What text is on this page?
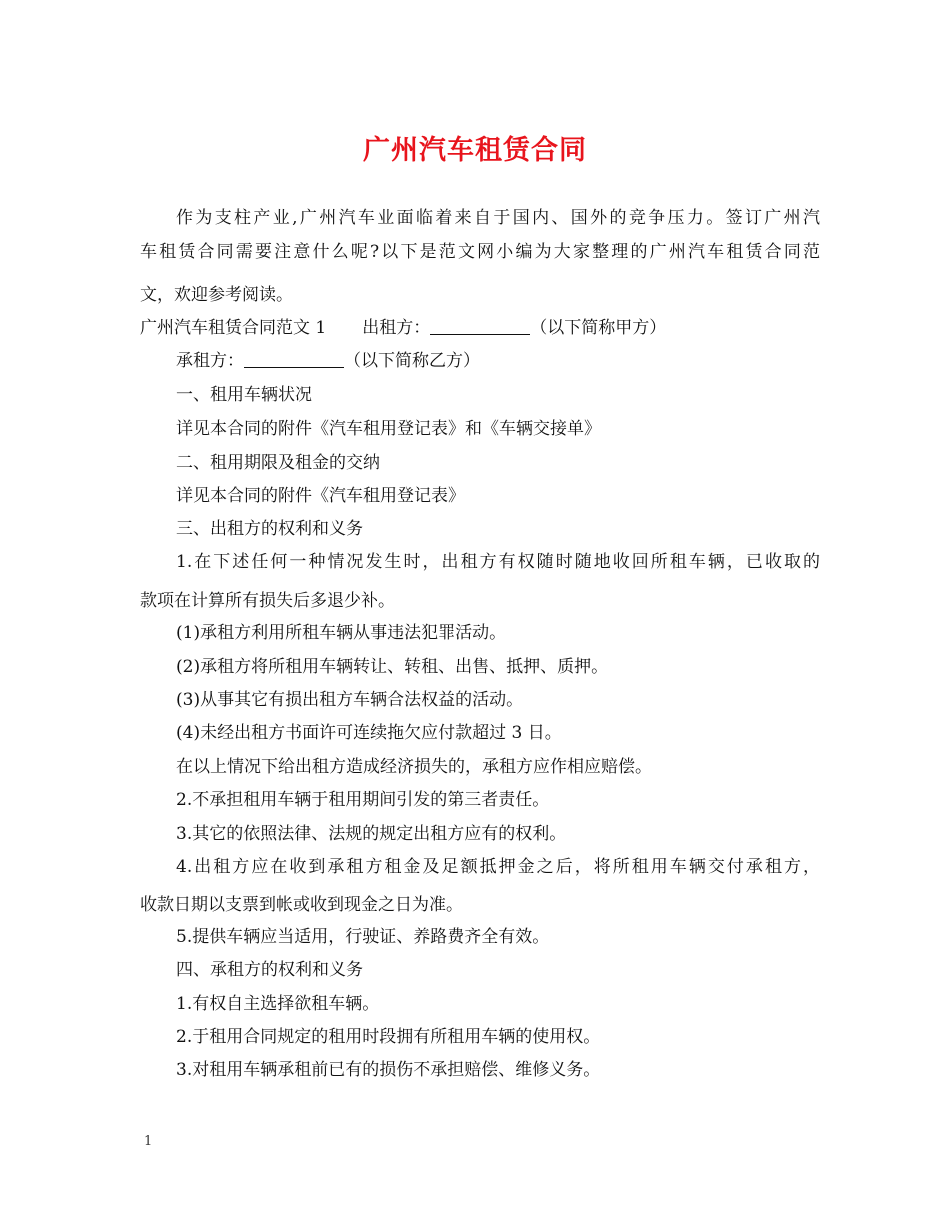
广州汽车租赁合同
作为支柱产业,广州汽车业面临着来自于国内、国外的竞争压力。签订广州汽
车租赁合同需要注意什么呢?以下是范文网小编为大家整理的广州汽车租赁合同范
文，欢迎参考阅读。
广州汽车租赁合同范文 1 出租方：	（以下简称甲方）
承租方：	（以下简称乙方）
一、租用车辆状况
详见本合同的附件《汽车租用登记表》和《车辆交接单》
二、租用期限及租金的交纳
详见本合同的附件《汽车租用登记表》
三、出租方的权利和义务
1.在下述任何一种情况发生时，出租方有权随时随地收回所租车辆，已收取的
款项在计算所有损失后多退少补。
(1)承租方利用所租车辆从事违法犯罪活动。
(2)承租方将所租用车辆转让、转租、出售、抵押、质押。
(3)从事其它有损出租方车辆合法权益的活动。
(4)未经出租方书面许可连续拖欠应付款超过 3 日。
在以上情况下给出租方造成经济损失的，承租方应作相应赔偿。
2.不承担租用车辆于租用期间引发的第三者责任。
3.其它的依照法律、法规的规定出租方应有的权利。
4.出租方应在收到承租方租金及足额抵押金之后，将所租用车辆交付承租方，
收款日期以支票到帐或收到现金之日为准。
5.提供车辆应当适用，行驶证、养路费齐全有效。
四、承租方的权利和义务
1.有权自主选择欲租车辆。
2.于租用合同规定的租用时段拥有所租用车辆的使用权。
3.对租用车辆承租前已有的损伤不承担赔偿、维修义务。
1
